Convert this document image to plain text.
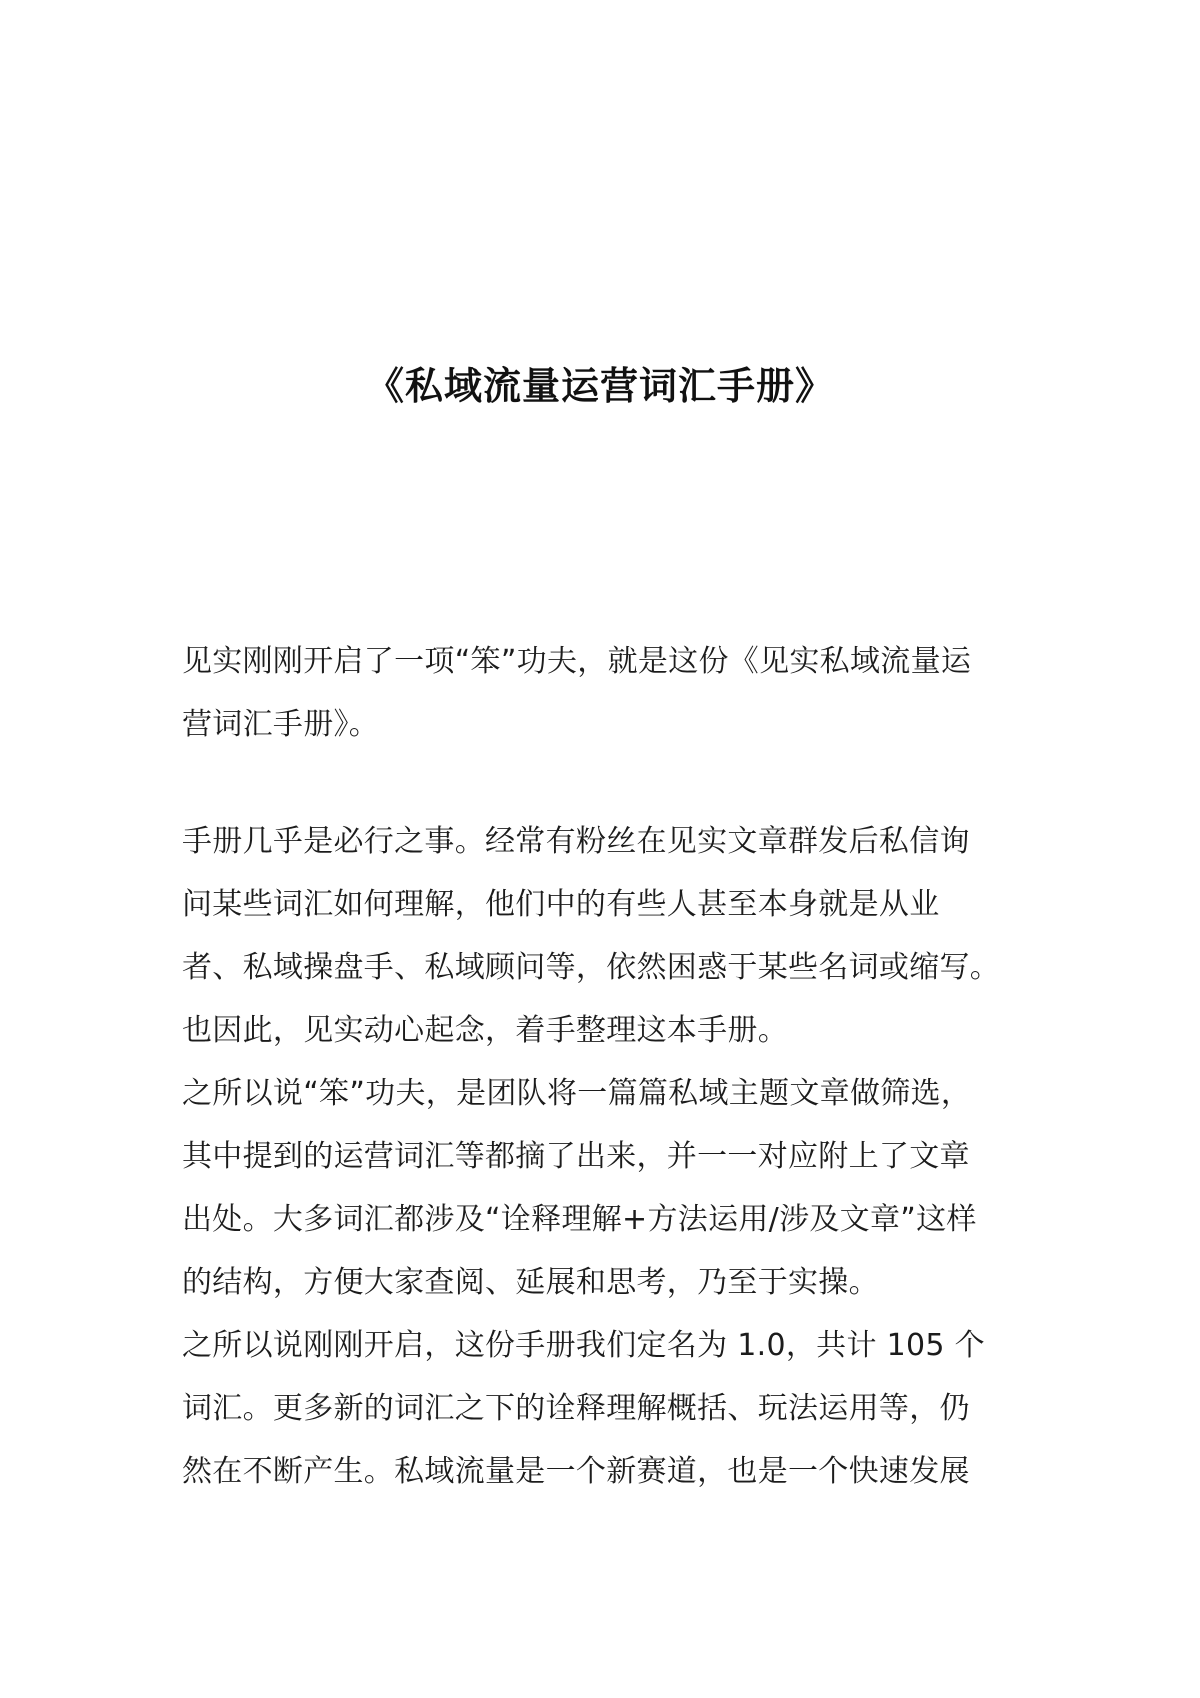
《私域流量运营词汇手册》
见实刚刚开启了一项“笨”功夫，就是这份《见实私域流量运
营词汇手册》。
手册几乎是必行之事。经常有粉丝在见实文章群发后私信询
问某些词汇如何理解，他们中的有些人甚至本身就是从业
者、私域操盘手、私域顾问等，依然困惑于某些名词或缩写。
也因此，见实动心起念，着手整理这本手册。
之所以说“笨”功夫，是团队将一篇篇私域主题文章做筛选，
其中提到的运营词汇等都摘了出来，并一一对应附上了文章
出处。大多词汇都涉及“诠释理解+方法运用/涉及文章”这样
的结构，方便大家查阅、延展和思考，乃至于实操。
之所以说刚刚开启，这份手册我们定名为 1.0，共计 105 个
词汇。更多新的词汇之下的诠释理解概括、玩法运用等，仍
然在不断产生。私域流量是一个新赛道，也是一个快速发展
